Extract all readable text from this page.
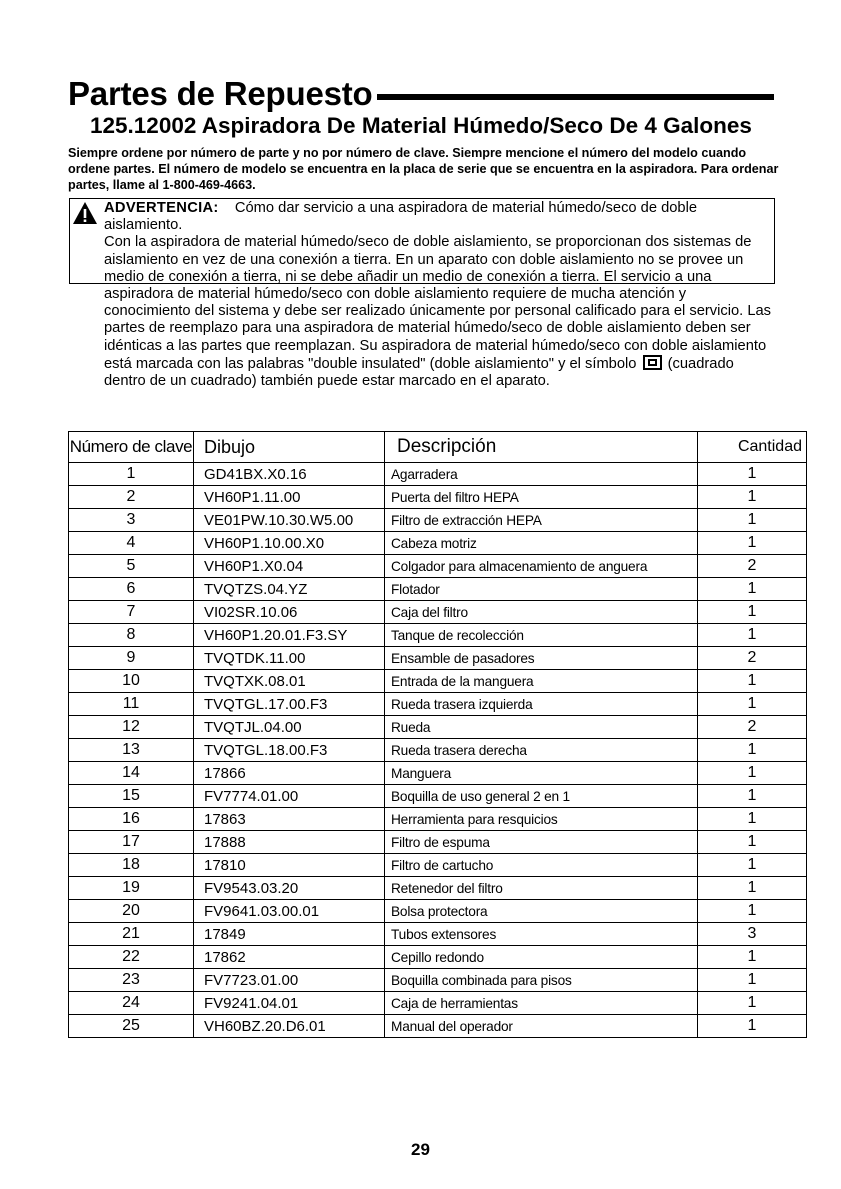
Partes de Repuesto
125.12002 Aspiradora De Material Húmedo/Seco De 4 Galones
Siempre ordene por número de parte y no por número de clave. Siempre mencione el número del modelo cuando ordene partes. El número de modelo se encuentra en la placa de serie que se encuentra en la aspiradora. Para ordenar partes, llame al 1-800-469-4663.
ADVERTENCIA: Cómo dar servicio a una aspiradora de material húmedo/seco de doble aislamiento.
Con la aspiradora de material húmedo/seco de doble aislamiento, se proporcionan dos sistemas de aislamiento en vez de una conexión a tierra. En un aparato con doble aislamiento no se provee un medio de conexión a tierra, ni se debe añadir un medio de conexión a tierra. El servicio a una aspiradora de material húmedo/seco con doble aislamiento requiere de mucha atención y conocimiento del sistema y debe ser realizado únicamente por personal calificado para el servicio. Las partes de reemplazo para una aspiradora de material húmedo/seco de doble aislamiento deben ser idénticas a las partes que reemplazan. Su aspiradora de material húmedo/seco con doble aislamiento está marcada con las palabras "double insulated" (doble aislamiento" y el símbolo (cuadrado dentro de un cuadrado) también puede estar marcado en el aparato.
Número de clave	Dibujo	Descripción	Cantidad
1	GD41BX.X0.16	Agarradera	1
2	VH60P1.11.00	Puerta del filtro HEPA	1
3	VE01PW.10.30.W5.00	Filtro de extracción HEPA	1
4	VH60P1.10.00.X0	Cabeza motriz	1
5	VH60P1.X0.04	Colgador para almacenamiento de anguera	2
6	TVQTZS.04.YZ	Flotador	1
7	VI02SR.10.06	Caja del filtro	1
8	VH60P1.20.01.F3.SY	Tanque de recolección	1
9	TVQTDK.11.00	Ensamble de pasadores	2
10	TVQTXK.08.01	Entrada de la manguera	1
11	TVQTGL.17.00.F3	Rueda trasera izquierda	1
12	TVQTJL.04.00	Rueda	2
13	TVQTGL.18.00.F3	Rueda trasera derecha	1
14	17866	Manguera	1
15	FV7774.01.00	Boquilla de uso general 2 en 1	1
16	17863	Herramienta para resquicios	1
17	17888	Filtro de espuma	1
18	17810	Filtro de cartucho	1
19	FV9543.03.20	Retenedor del filtro	1
20	FV9641.03.00.01	Bolsa protectora	1
21	17849	Tubos extensores	3
22	17862	Cepillo redondo	1
23	FV7723.01.00	Boquilla combinada para pisos	1
24	FV9241.04.01	Caja de herramientas	1
25	VH60BZ.20.D6.01	Manual del operador	1
29
